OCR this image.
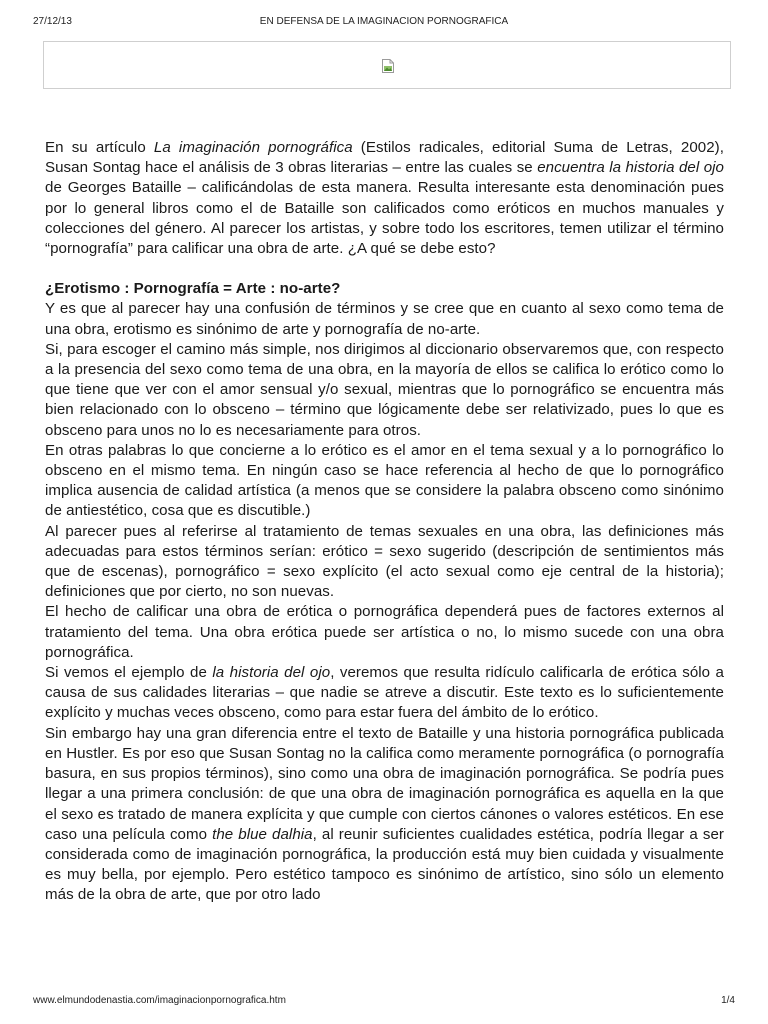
27/12/13	EN DEFENSA DE LA IMAGINACION PORNOGRAFICA

En su artículo La imaginación pornográfica (Estilos radicales, editorial Suma de Letras, 2002), Susan Sontag hace el análisis de 3 obras literarias – entre las cuales se encuentra la historia del ojo de Georges Bataille – calificándolas de esta manera. Resulta interesante esta denominación pues por lo general libros como el de Bataille son calificados como eróticos en muchos manuales y colecciones del género. Al parecer los artistas, y sobre todo los escritores, temen utilizar el término “pornografía” para calificar una obra de arte. ¿A qué se debe esto?

¿Erotismo : Pornografía = Arte : no-arte?

Y es que al parecer hay una confusión de términos y se cree que en cuanto al sexo como tema de una obra, erotismo es sinónimo de arte y pornografía de no-arte.

Si, para escoger el camino más simple, nos dirigimos al diccionario observaremos que, con respecto a la presencia del sexo como tema de una obra, en la mayoría de ellos se califica lo erótico como lo que tiene que ver con el amor sensual y/o sexual, mientras que lo pornográfico se encuentra más bien relacionado con lo obsceno – término que lógicamente debe ser relativizado, pues lo que es obsceno para unos no lo es necesariamente para otros.

En otras palabras lo que concierne a lo erótico es el amor en el tema sexual y a lo pornográfico lo obsceno en el mismo tema. En ningún caso se hace referencia al hecho de que lo pornográfico implica ausencia de calidad artística (a menos que se considere la palabra obsceno como sinónimo de antiestético, cosa que es discutible.)

Al parecer pues al referirse al tratamiento de temas sexuales en una obra, las definiciones más adecuadas para estos términos serían: erótico = sexo sugerido (descripción de sentimientos más que de escenas), pornográfico = sexo explícito (el acto sexual como eje central de la historia); definiciones que por cierto, no son nuevas.

El hecho de calificar una obra de erótica o pornográfica dependerá pues de factores externos al tratamiento del tema. Una obra erótica puede ser artística o no, lo mismo sucede con una obra pornográfica.

Si vemos el ejemplo de la historia del ojo, veremos que resulta ridículo calificarla de erótica sólo a causa de sus calidades literarias – que nadie se atreve a discutir. Este texto es lo suficientemente explícito y muchas veces obsceno, como para estar fuera del ámbito de lo erótico.

Sin embargo hay una gran diferencia entre el texto de Bataille y una historia pornográfica publicada en Hustler. Es por eso que Susan Sontag no la califica como meramente pornográfica (o pornografía basura, en sus propios términos), sino como una obra de imaginación pornográfica. Se podría pues llegar a una primera conclusión: de que una obra de imaginación pornográfica es aquella en la que el sexo es tratado de manera explícita y que cumple con ciertos cánones o valores estéticos. En ese caso una película como the blue dalhia, al reunir suficientes cualidades estética, podría llegar a ser considerada como de imaginación pornográfica, la producción está muy bien cuidada y visualmente es muy bella, por ejemplo. Pero estético tampoco es sinónimo de artístico, sino sólo un elemento más de la obra de arte, que por otro lado

www.elmundodenastia.com/imaginacionpornografica.htm	1/4
